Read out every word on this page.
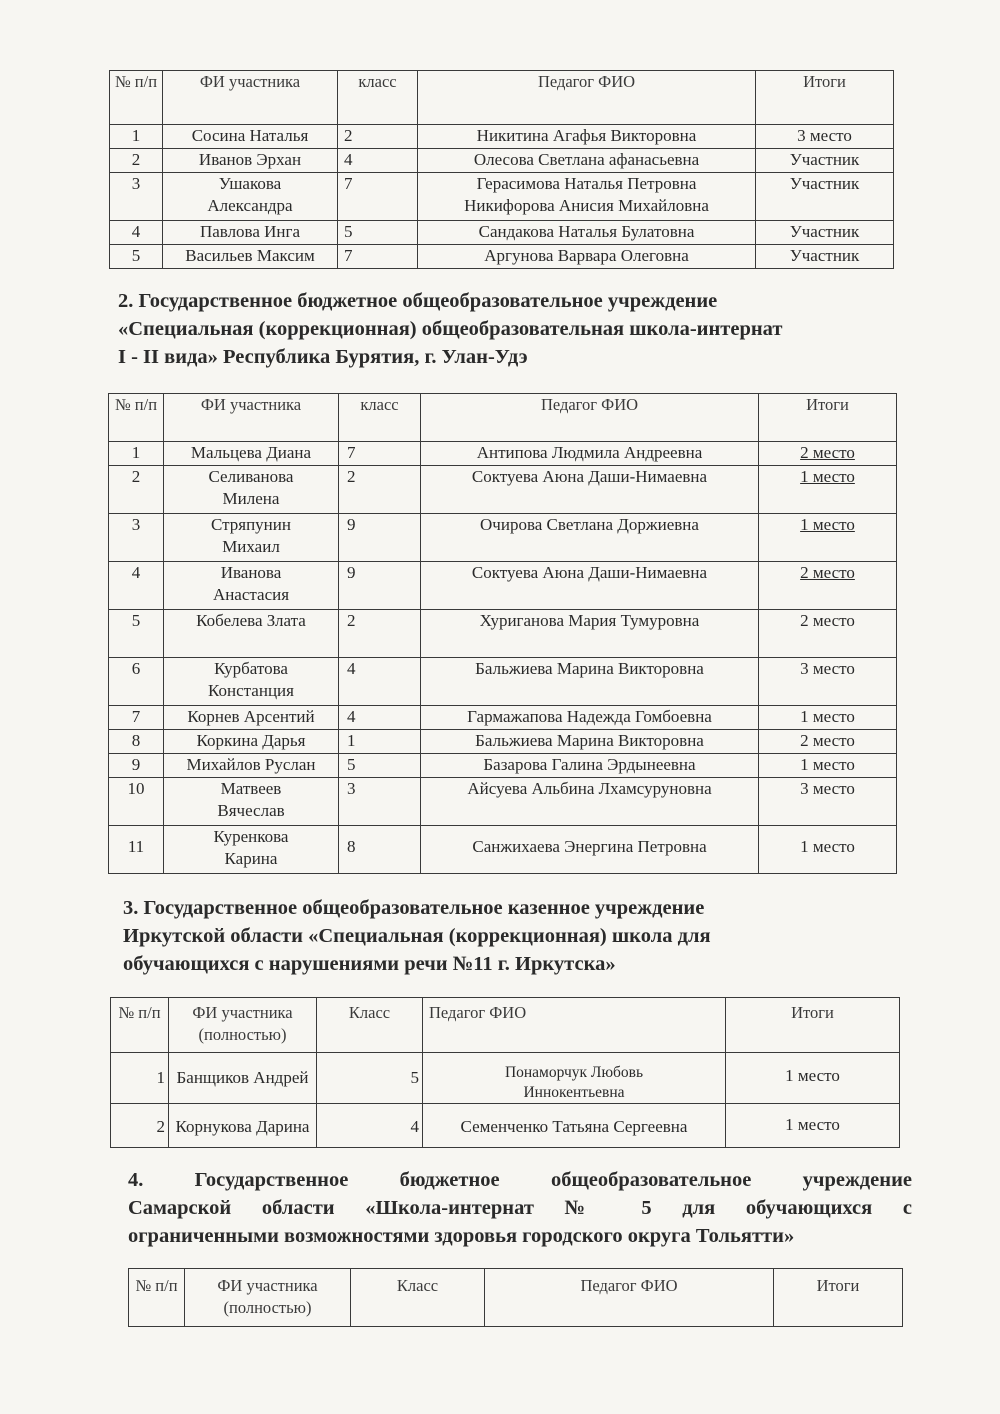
№ п/п	ФИ участника	класс	Педагог ФИО	Итоги
1	Сосина Наталья	2	Никитина Агафья Викторовна	3 место
2	Иванов Эрхан	4	Олесова Светлана афанасьевна	Участник
3	Ушакова Александра	7	Герасимова Наталья Петровна Никифорова Анисия Михайловна	Участник
4	Павлова Инга	5	Сандакова Наталья Булатовна	Участник
5	Васильев Максим	7	Аргунова Варвара Олеговна	Участник
2. Государственное бюджетное общеобразовательное учреждение
«Специальная (коррекционная) общеобразовательная школа-интернат
I - II вида» Республика Бурятия, г. Улан-Удэ
№ п/п	ФИ участника	класс	Педагог ФИО	Итоги
1	Мальцева Диана	7	Антипова Людмила Андреевна	2 место
2	Селиванова Милена	2	Соктуева Аюна Даши-Нимаевна	1 место
3	Стряпунин Михаил	9	Очирова Светлана Доржиевна	1 место
4	Иванова Анастасия	9	Соктуева Аюна Даши-Нимаевна	2 место
5	Кобелева Злата	2	Хуриганова Мария Тумуровна	2 место
6	Курбатова Констанция	4	Бальжиева Марина Викторовна	3 место
7	Корнев Арсентий	4	Гармажапова Надежда Гомбоевна	1 место
8	Коркина Дарья	1	Бальжиева Марина Викторовна	2 место
9	Михайлов Руслан	5	Базарова Галина Эрдынеевна	1 место
10	Матвеев Вячеслав	3	Айсуева Альбина Лхамсуруновна	3 место
11	Куренкова Карина	8	Санжихаева Энергина Петровна	1 место
3. Государственное общеобразовательное казенное учреждение
Иркутской области «Специальная (коррекционная) школа для
обучающихся с нарушениями речи №11 г. Иркутска»
№ п/п	ФИ участника (полностью)	Класс	Педагог ФИО	Итоги
1	Банщиков Андрей	5	Понаморчук Любовь Иннокентьевна	1 место
2	Корнукова Дарина	4	Семенченко Татьяна Сергеевна	1 место
4. Государственное бюджетное общеобразовательное учреждение
Самарской области «Школа-интернат № 5 для обучающихся с
ограниченными возможностями здоровья городского округа Тольятти»
№ п/п	ФИ участника (полностью)	Класс	Педагог ФИО	Итоги
